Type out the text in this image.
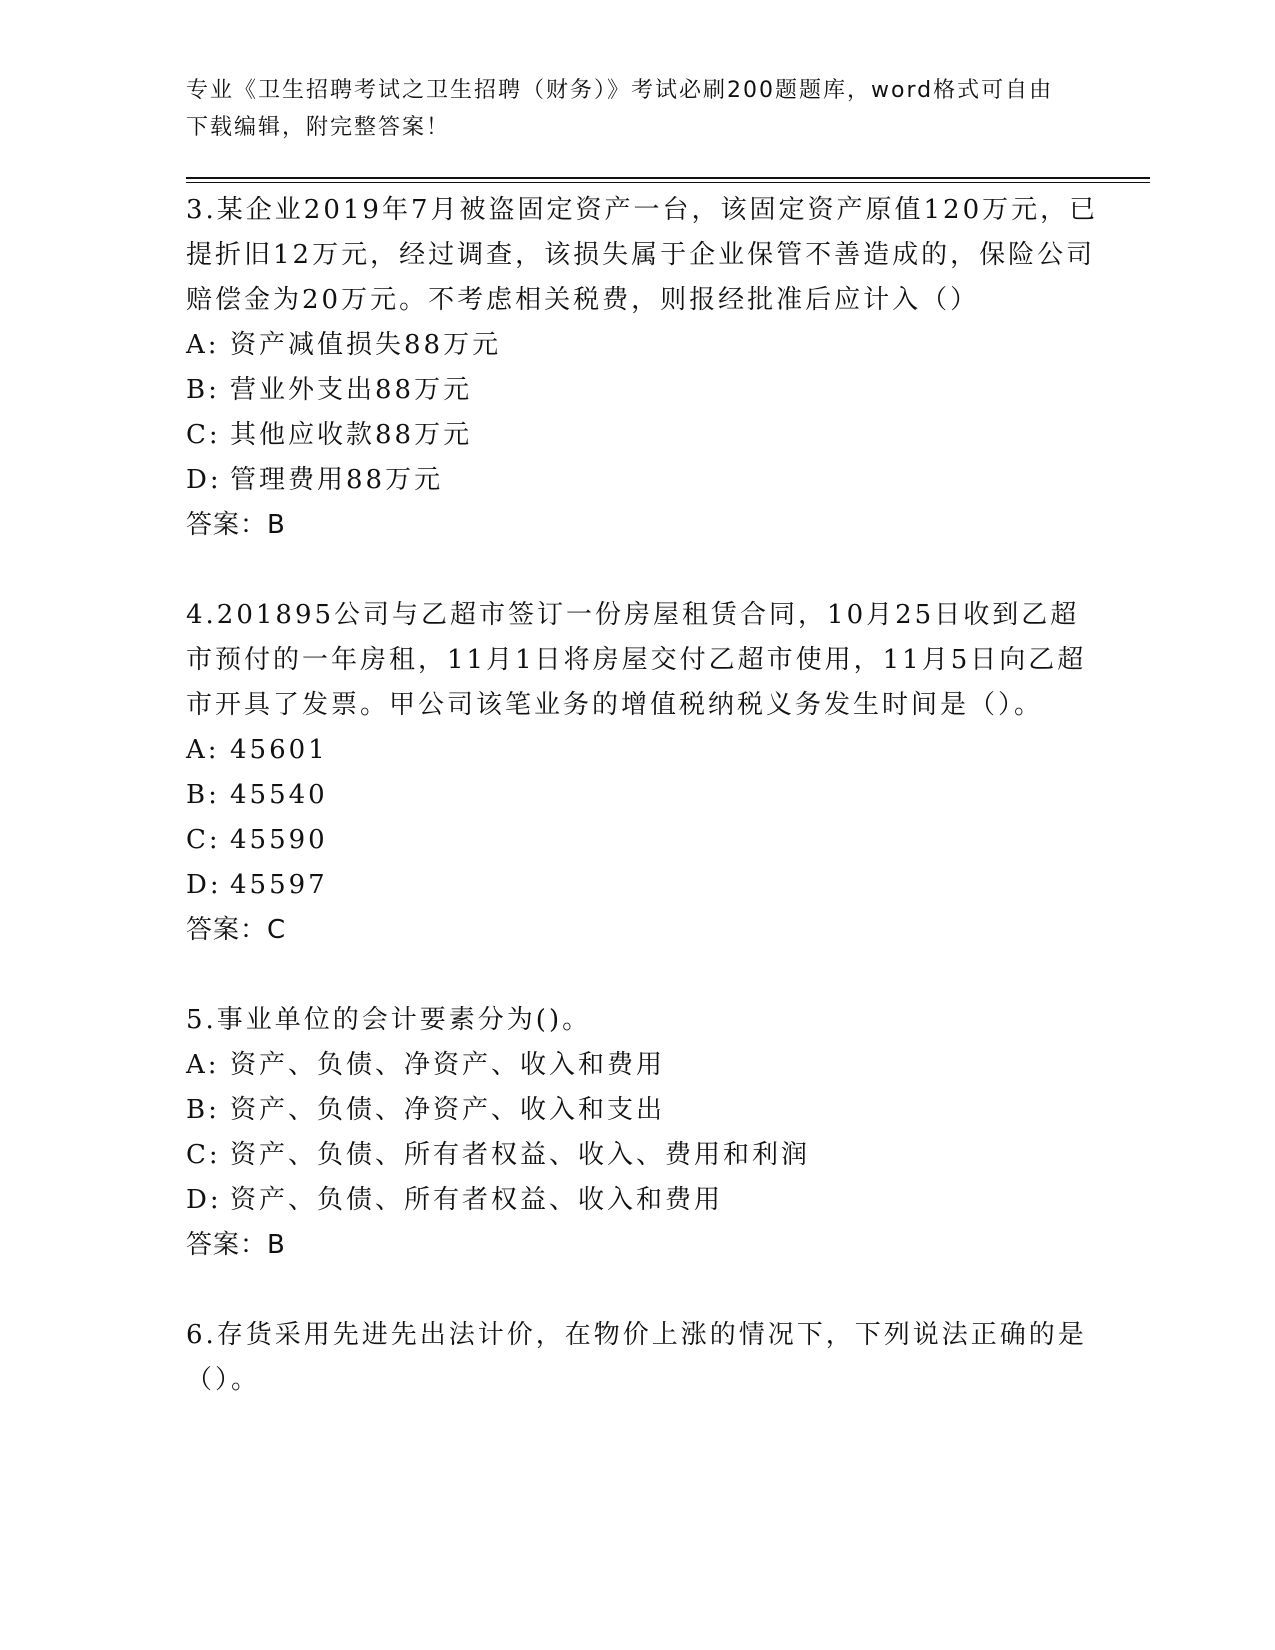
专业《卫生招聘考试之卫生招聘（财务）》考试必刷200题题库，word格式可自由下载编辑，附完整答案！

3.某企业2019年7月被盗固定资产一台，该固定资产原值120万元，已提折旧12万元，经过调查，该损失属于企业保管不善造成的，保险公司赔偿金为20万元。不考虑相关税费，则报经批准后应计入（）

A: 资产减值损失88万元

B: 营业外支出88万元

C: 其他应收款88万元

D: 管理费用88万元

答案：B

4.201895公司与乙超市签订一份房屋租赁合同，10月25日收到乙超市预付的一年房租，11月1日将房屋交付乙超市使用，11月5日向乙超市开具了发票。甲公司该笔业务的增值税纳税义务发生时间是（）。

A: 45601

B: 45540

C: 45590

D: 45597

答案：C

5.事业单位的会计要素分为()。

A: 资产、负债、净资产、收入和费用

B: 资产、负债、净资产、收入和支出

C: 资产、负债、所有者权益、收入、费用和利润

D: 资产、负债、所有者权益、收入和费用

答案：B

6.存货采用先进先出法计价，在物价上涨的情况下，下列说法正确的是（）。
